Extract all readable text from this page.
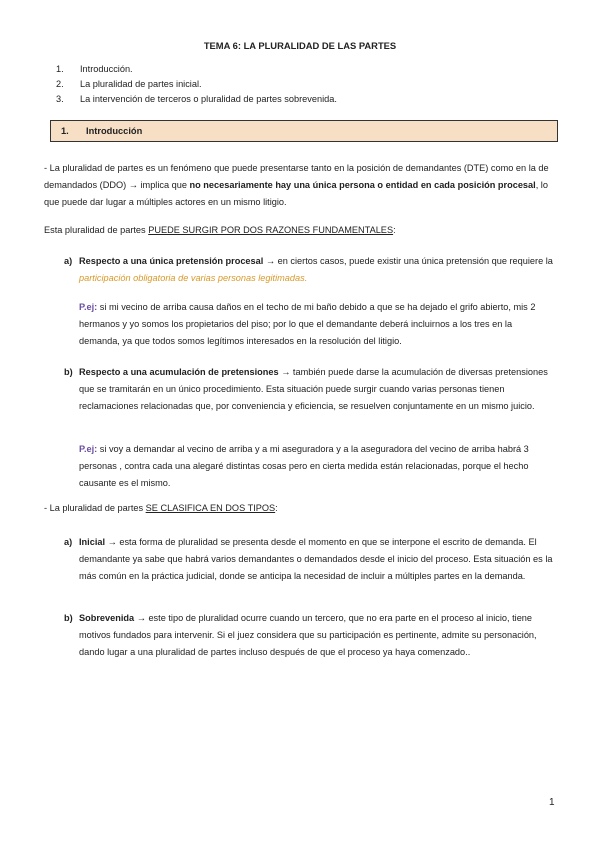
TEMA 6: LA PLURALIDAD DE LAS PARTES
1. Introducción.
2. La pluralidad de partes inicial.
3. La intervención de terceros o pluralidad de partes sobrevenida.
1. Introducción

- La pluralidad de partes es un fenómeno que puede presentarse tanto en la posición de demandantes (DTE) como en la de demandados (DDO) → implica que no necesariamente hay una única persona o entidad en cada posición procesal, lo que puede dar lugar a múltiples actores en un mismo litigio.

Esta pluralidad de partes PUEDE SURGIR POR DOS RAZONES FUNDAMENTALES:

a) Respecto a una única pretensión procesal → en ciertos casos, puede existir una única pretensión que requiere la participación obligatoria de varias personas legitimadas.

P.ej: si mi vecino de arriba causa daños en el techo de mi baño debido a que se ha dejado el grifo abierto, mis 2 hermanos y yo somos los propietarios del piso; por lo que el demandante deberá incluirnos a los tres en la demanda, ya que todos somos legítimos interesados en la resolución del litigio.

b) Respecto a una acumulación de pretensiones → también puede darse la acumulación de diversas pretensiones que se tramitarán en un único procedimiento. Esta situación puede surgir cuando varias personas tienen reclamaciones relacionadas que, por conveniencia y eficiencia, se resuelven conjuntamente en un mismo juicio.

P.ej: si voy a demandar al vecino de arriba y a mi aseguradora y a la aseguradora del vecino de arriba habrá 3 personas , contra cada una alegaré distintas cosas pero en cierta medida están relacionadas, porque el hecho causante es el mismo.

- La pluralidad de partes SE CLASIFICA EN DOS TIPOS:

a) Inicial → esta forma de pluralidad se presenta desde el momento en que se interpone el escrito de demanda. El demandante ya sabe que habrá varios demandantes o demandados desde el inicio del proceso. Esta situación es la más común en la práctica judicial, donde se anticipa la necesidad de incluir a múltiples partes en la demanda.

b) Sobrevenida → este tipo de pluralidad ocurre cuando un tercero, que no era parte en el proceso al inicio, tiene motivos fundados para intervenir. Si el juez considera que su participación es pertinente, admite su personación, dando lugar a una pluralidad de partes incluso después de que el proceso ya haya comenzado..

1
